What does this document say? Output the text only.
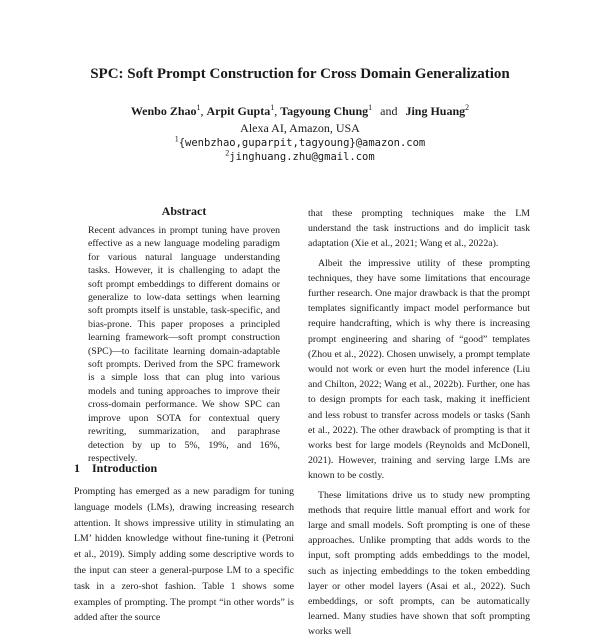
SPC: Soft Prompt Construction for Cross Domain Generalization
Wenbo Zhao$^1$, Arpit Gupta$^1$, Tagyoung Chung$^1$ and Jing Huang$^2$
Alexa AI, Amazon, USA
$^1${wenbzhao,guparpit,tagyoung}@amazon.com
$^2$jinghuang.zhu@gmail.com
Abstract

Recent advances in prompt tuning have proven effective as a new language modeling paradigm for various natural language understanding tasks. However, it is challenging to adapt the soft prompt embeddings to different domains or generalize to low-data settings when learning soft prompts itself is unstable, task-specific, and bias-prone. This paper proposes a principled learning framework—soft prompt construction (SPC)—to facilitate learning domain-adaptable soft prompts. Derived from the SPC framework is a simple loss that can plug into various models and tuning approaches to improve their cross-domain performance. We show SPC can improve upon SOTA for contextual query rewriting, summarization, and paraphrase detection by up to 5%, 19%, and 16%, respectively.

1 Introduction

Prompting has emerged as a new paradigm for tuning language models (LMs), drawing increasing research attention. It shows impressive utility in stimulating an LM’ hidden knowledge without fine-tuning it (Petroni et al., 2019). Simply adding some descriptive words to the input can steer a general-purpose LM to a specific task in a zero-shot fashion. Table 1 shows some examples of prompting. The prompt “in other words” is added after the source

that these prompting techniques make the LM understand the task instructions and do implicit task adaptation (Xie et al., 2021; Wang et al., 2022a).

Albeit the impressive utility of these prompting techniques, they have some limitations that encourage further research. One major drawback is that the prompt templates significantly impact model performance but require handcrafting, which is why there is increasing prompt engineering and sharing of “good” templates (Zhou et al., 2022). Chosen unwisely, a prompt template would not work or even hurt the model inference (Liu and Chilton, 2022; Wang et al., 2022b). Further, one has to design prompts for each task, making it inefficient and less robust to transfer across models or tasks (Sanh et al., 2022). The other drawback of prompting is that it works best for large models (Reynolds and McDonell, 2021). However, training and serving large LMs are known to be costly.

These limitations drive us to study new prompting methods that require little manual effort and work for large and small models. Soft prompting is one of these approaches. Unlike prompting that adds words to the input, soft prompting adds embeddings to the model, such as injecting embeddings to the token embedding layer or other model layers (Asai et al., 2022). Such embeddings, or soft prompts, can be automatically learned. Many studies have shown that soft prompting works well
